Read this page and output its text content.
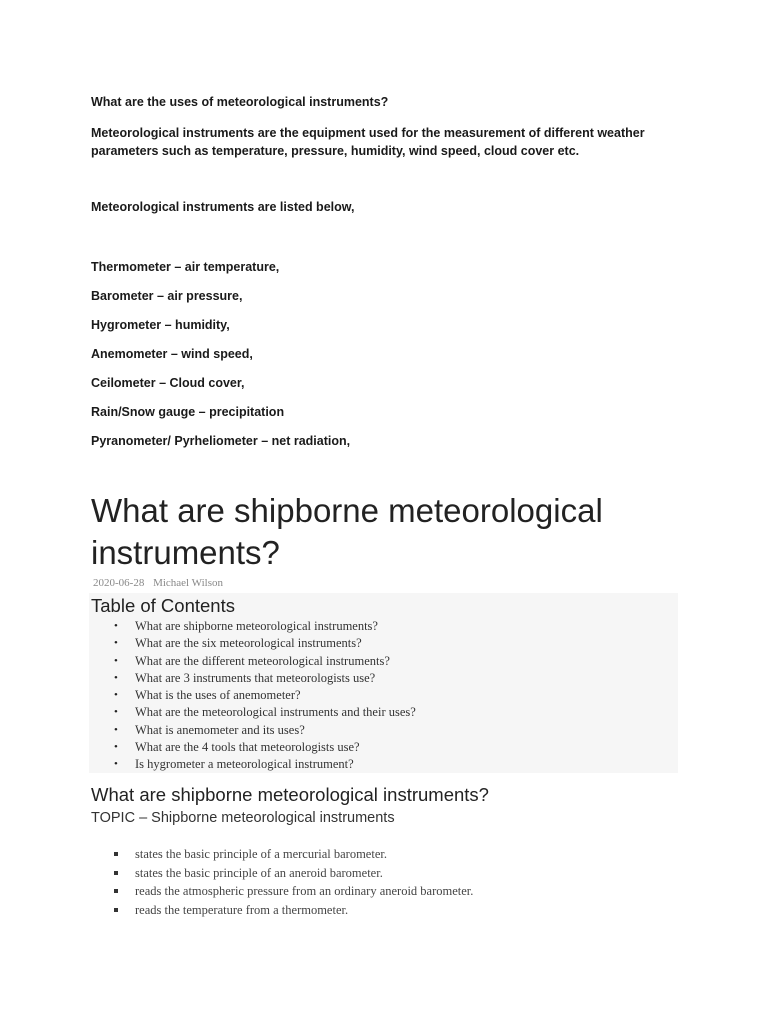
What are the uses of meteorological instruments?

Meteorological instruments are the equipment used for the measurement of different weather parameters such as temperature, pressure, humidity, wind speed, cloud cover etc.

Meteorological instruments are listed below,

Thermometer – air temperature,

Barometer – air pressure,

Hygrometer – humidity,

Anemometer – wind speed,

Ceilometer – Cloud cover,

Rain/Snow gauge – precipitation

Pyranometer/ Pyrheliometer – net radiation,

What are shipborne meteorological instruments?
2020-06-28 Michael Wilson
Table of Contents
• What are shipborne meteorological instruments?
• What are the six meteorological instruments?
• What are the different meteorological instruments?
• What are 3 instruments that meteorologists use?
• What is the uses of anemometer?
• What are the meteorological instruments and their uses?
• What is anemometer and its uses?
• What are the 4 tools that meteorologists use?
• Is hygrometer a meteorological instrument?
What are shipborne meteorological instruments?
TOPIC – Shipborne meteorological instruments
states the basic principle of a mercurial barometer.
states the basic principle of an aneroid barometer.
reads the atmospheric pressure from an ordinary aneroid barometer.
reads the temperature from a thermometer.
